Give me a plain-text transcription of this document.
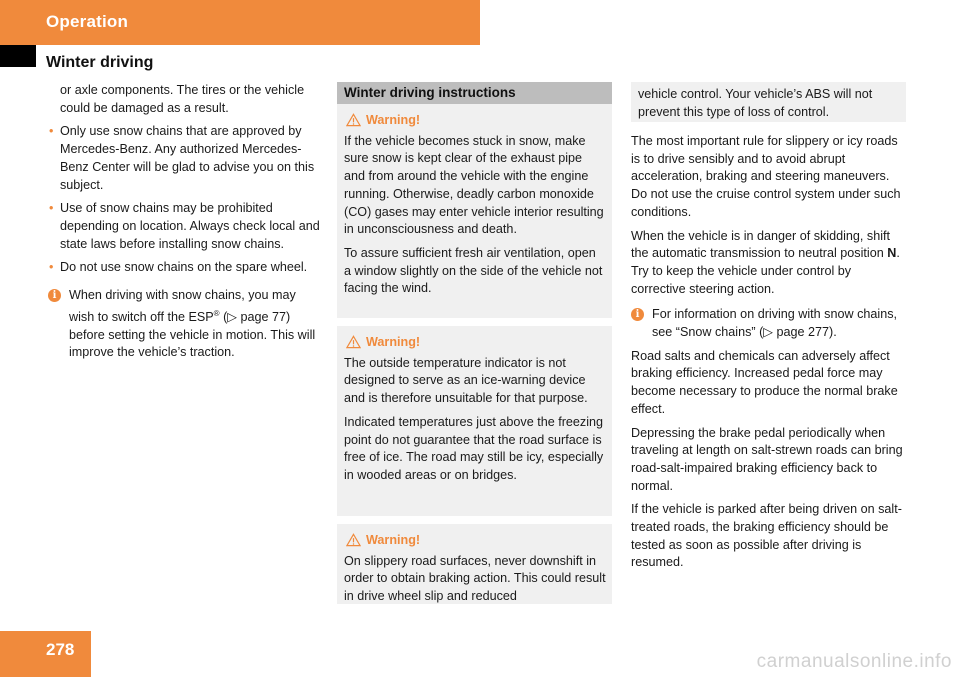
Operation
Winter driving

or axle components. The tires or the vehicle could be damaged as a result.

• Only use snow chains that are approved by Mercedes-Benz. Any authorized Mercedes-Benz Center will be glad to advise you on this subject.
• Use of snow chains may be prohibited depending on location. Always check local and state laws before installing snow chains.
• Do not use snow chains on the spare wheel.
i When driving with snow chains, you may wish to switch off the ESP® (▷ page 77) before setting the vehicle in motion. This will improve the vehicle’s traction.
Winter driving instructions
Warning!

If the vehicle becomes stuck in snow, make sure snow is kept clear of the exhaust pipe and from around the vehicle with the engine running. Otherwise, deadly carbon monoxide (CO) gases may enter vehicle interior resulting in unconsciousness and death.

To assure sufficient fresh air ventilation, open a window slightly on the side of the vehicle not facing the wind.

Warning!

The outside temperature indicator is not designed to serve as an ice-warning device and is therefore unsuitable for that purpose.

Indicated temperatures just above the freezing point do not guarantee that the road surface is free of ice. The road may still be icy, especially in wooded areas or on bridges.

Warning!

On slippery road surfaces, never downshift in order to obtain braking action. This could result in drive wheel slip and reduced

vehicle control. Your vehicle’s ABS will not prevent this type of loss of control.

The most important rule for slippery or icy roads is to drive sensibly and to avoid abrupt acceleration, braking and steering maneuvers. Do not use the cruise control system under such conditions.

When the vehicle is in danger of skidding, shift the automatic transmission to neutral position N. Try to keep the vehicle under control by corrective steering action.

i For information on driving with snow chains, see “Snow chains” (▷ page 277).

Road salts and chemicals can adversely affect braking efficiency. Increased pedal force may become necessary to produce the normal brake effect.

Depressing the brake pedal periodically when traveling at length on salt-strewn roads can bring road-salt-impaired braking efficiency back to normal.

If the vehicle is parked after being driven on salt-treated roads, the braking efficiency should be tested as soon as possible after driving is resumed.

278
carmanualsonline.info
